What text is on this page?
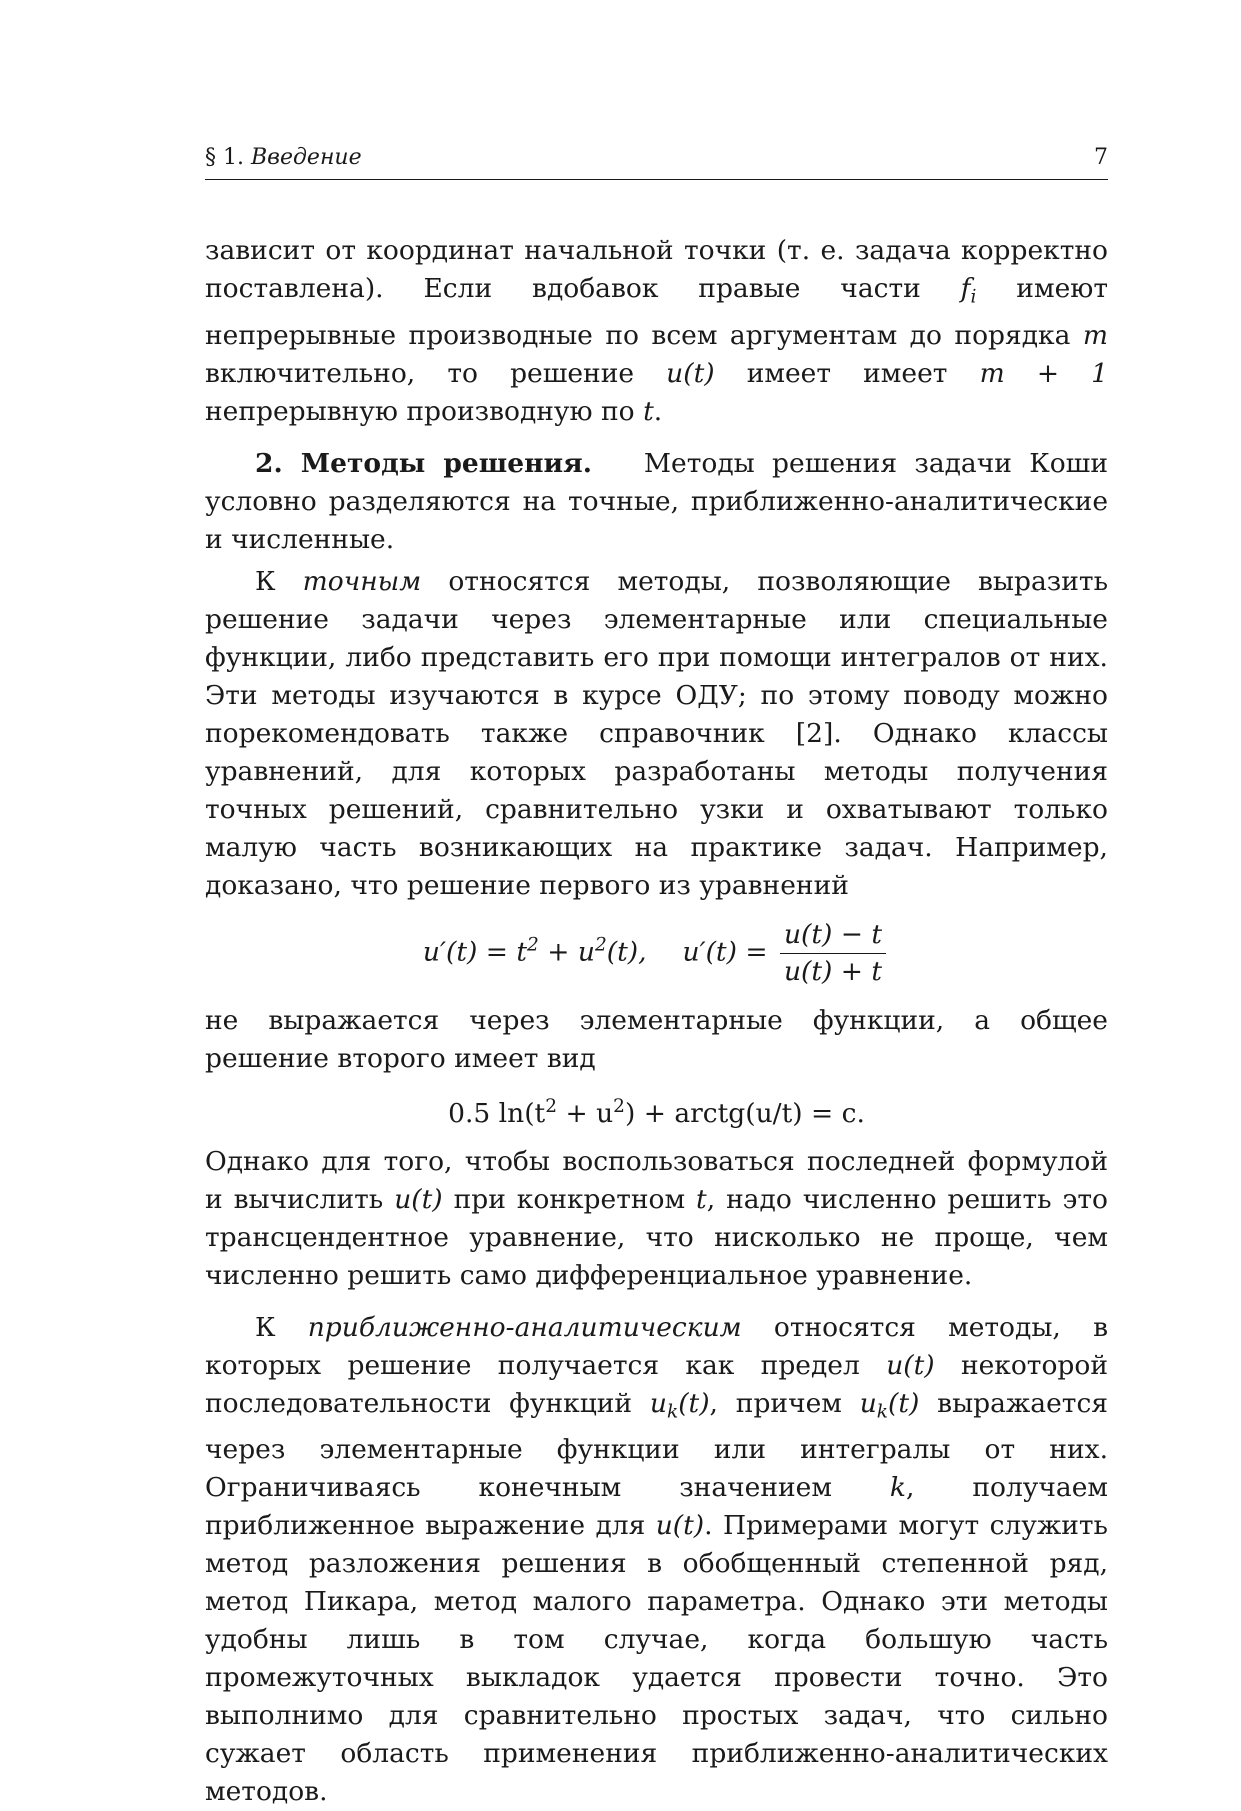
§ 1. Введение	7

зависит от координат начальной точки (т. е. задача корректно поставлена). Если вдобавок правые части $f_i$ имеют непрерывные производные по всем аргументам до порядка m включительно, то решение u(t) имеет имеет m + 1 непрерывную производную по t.

2. Методы решения. Методы решения задачи Коши условно разделяются на точные, приближенно-аналитические и численные.

К точным относятся методы, позволяющие выразить решение задачи через элементарные или специальные функции, либо представить его при помощи интегралов от них. Эти методы изучаются в курсе ОДУ; по этому поводу можно порекомендовать также справочник [2]. Однако классы уравнений, для которых разработаны методы получения точных решений, сравнительно узки и охватывают только малую часть возникающих на практике задач. Например, доказано, что решение первого из уравнений

$u'(t) = t^2 + u^2(t)$, $u'(t) = \frac{u(t) - t}{u(t) + t}$

не выражается через элементарные функции, а общее решение второго имеет вид

0.5 $\ln(t^2 + u^2)$ + arctg(u/t) = c.

Однако для того, чтобы воспользоваться последней формулой и вычислить u(t) при конкретном t, надо численно решить это трансцендентное уравнение, что нисколько не проще, чем численно решить само дифференциальное уравнение.

К приближенно-аналитическим относятся методы, в которых решение получается как предел u(t) некоторой последовательности функций $u_k(t)$, причем $u_k(t)$ выражается через элементарные функции или интегралы от них. Ограничиваясь конечным значением k, получаем приближенное выражение для u(t). Примерами могут служить метод разложения решения в обобщенный степенной ряд, метод Пикара, метод малого параметра. Однако эти методы удобны лишь в том случае, когда большую часть промежуточных выкладок удается провести точно. Это выполнимо для сравнительно простых задач, что сильно сужает область применения приближенно-аналитических методов.
